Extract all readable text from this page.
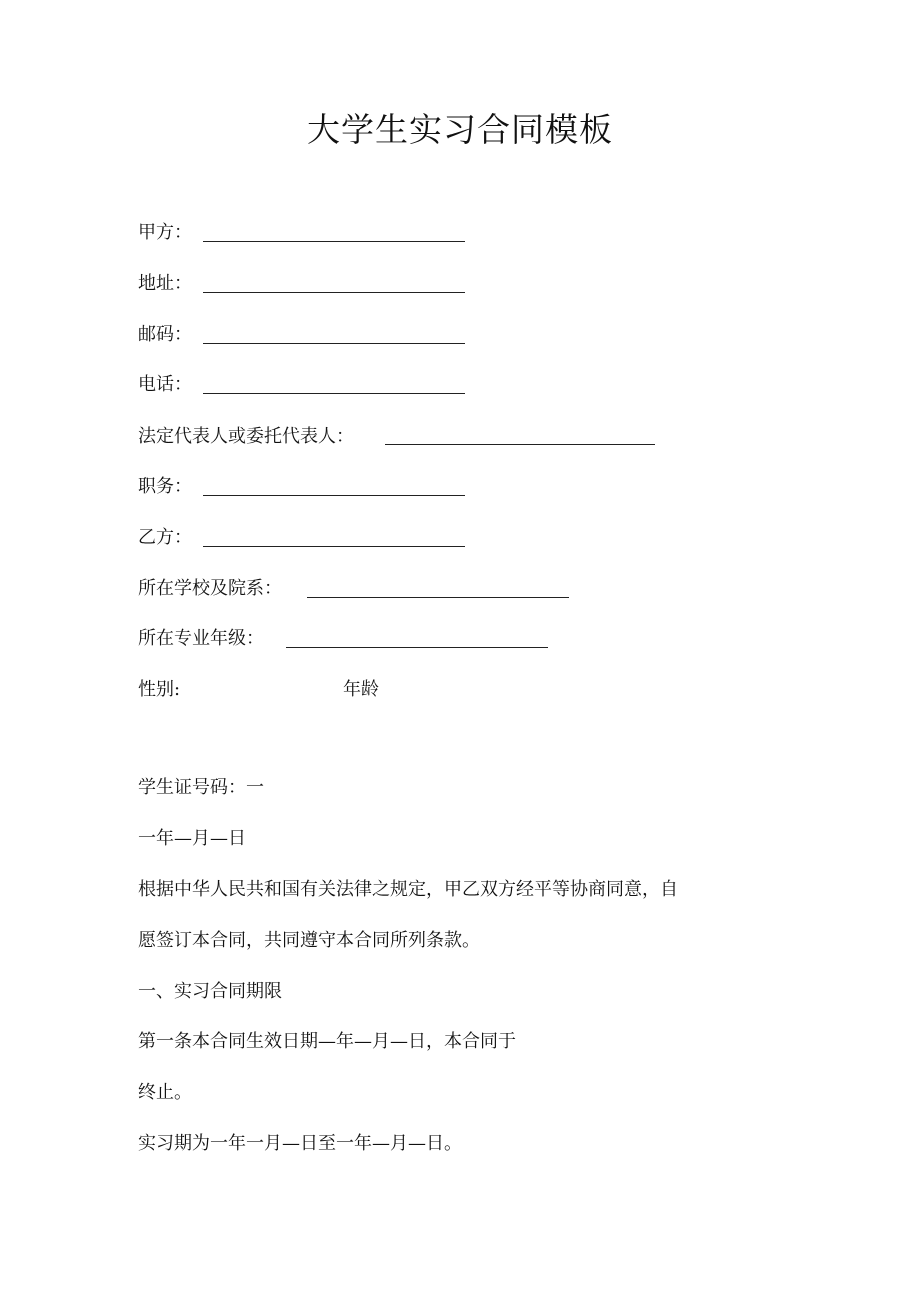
大学生实习合同模板
甲方：
地址：
邮码：
电话：
法定代表人或委托代表人：
职务：
乙方：
所在学校及院系：
所在专业年级：
性别:	年龄
学生证号码：一
一年—月—日
根据中华人民共和国有关法律之规定，甲乙双方经平等协商同意，自
愿签订本合同，共同遵守本合同所列条款。
一、实习合同期限
第一条本合同生效日期—年—月—日，本合同于
终止。
实习期为一年一月—日至一年—月—日。
